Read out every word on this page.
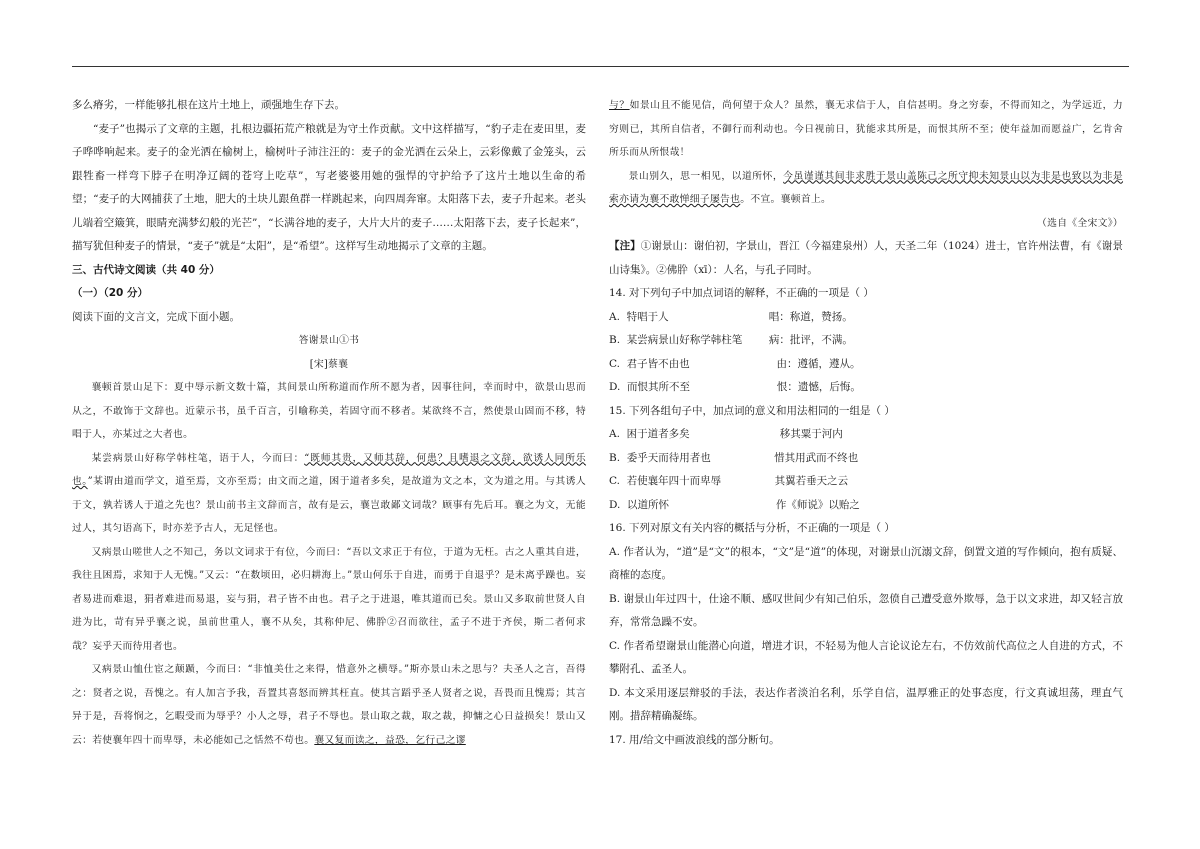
多么瘠劣，一样能够扎根在这片土地上，顽强地生存下去。

“麦子”也揭示了文章的主题，扎根边疆拓荒产粮就是为守土作贡献。文中这样描写，“豹子走在麦田里，麦子哗哗响起来。麦子的金光洒在榆树上，榆树叶子沛注汪的：麦子的金光洒在云朵上，云彩像戴了金笼头，云跟牲畜一样弯下脖子在明净辽阔的苍穹上吃草”，写老婆婆用她的强悍的守护给予了这片土地以生命的希望；“麦子的大网捕获了土地，肥大的土块儿跟鱼群一样跳起来，向四周奔窜。太阳落下去，麦子升起来。老头儿端着空簸箕，眼睛充满梦幻般的光芒”，“长满谷地的麦子，大片大片的麦子……太阳落下去，麦子长起来”，描写犹但种麦子的情景，“麦子”就是“太阳”，是“希望”。这样写生动地揭示了文章的主题。

三、古代诗文阅读（共 40 分）

（一）（20 分）

阅读下面的文言文，完成下面小题。

答谢景山①书

[宋]蔡襄

襄顿首景山足下：夏中辱示新文数十篇，其间景山所称道而作所不愿为者，因事往问，幸而时中，欲景山思而从之，不敢饰于文辞也。近蒙示书，虽千百言，引喻称美，若固守而不移者。某欲终不言，然使景山固而不移，特唱于人，亦某过之大者也。

某尝病景山好称学韩柱笔，语于人，今而曰：“既师其贵，又师其辞，何患？且嗜退之文辞，欲诱人同所乐也。”某谓由道而学文，道至焉，文亦至焉；由文而之道，困于道者多矣，是故道为文之本，文为道之用。与其诱人于文，孰若诱人于道之先也？景山前书主文辞而言，故有是云，襄岂敢鄙文词哉？顾事有先后耳。襄之为文，无能过人，其匀语高下，时亦差予古人，无足怪也。

又病景山嗟世人之不知己，务以文词求于有位，今而曰：“吾以文求正于有位，于道为无枉。古之人重其自进，我往且困焉，求知于人无愧。”又云：“在数顷田，必归耕海上。”景山何乐于自进，而勇于自退乎？是未离乎躁也。妄者易进而难退，狷者难进而易退，妄与狷，君子皆不由也。君子之于进退，唯其道而已矣。景山又多取前世贤人自进为比，苛有异乎襄之说，虽前世重人，襄不从矣，其称仲尼、佛肸②召而欲往，孟子不进于齐侯，斯二者何求哉？妄乎天而待用者也。

又病景山恤仕宦之颠踬，今而曰：“非恤美仕之来得，惜意外之横辱。”斯亦景山未之思与？夫圣人之言，吾得之：贤者之说，吾愧之。有人加言予我，吾置其喜怒而辨其枉直。使其言蹈乎圣人贤者之说，吾畏而且愧焉；其言异于是，吾将悯之，乞暇受而为辱乎？小人之辱，君子不辱也。景山取之裁，取之裁，抑慵之心日益损矣！景山又云：若使襄年四十而卑辱，未必能如己之恬然不苟也。襄又复而读之，益恐，乞行己之谬

与？如景山且不能见信，尚何望于众人？虽然，襄无求信于人，自信甚明。身之穷泰，不得而知之，为学远近，力穷则已，其所自信者，不御行而利动也。今日视前日，犹能求其所是，而恨其所不至；使年益加而愿益广，乞肯舍所乐而从所恨哉！

景山别久，思一相见，以道所怀，今虽谨谨其间非求胜于景山盖陈己之所守抑未知景山以为非是也致以为非是索亦请为襄不敢惮细子屡告也。不宣。襄顿首上。

（选自《全宋文》）

【注】①谢景山：谢伯初，字景山，晋江（今福建泉州）人，天圣二年（1024）进士，官许州法曹，有《谢景山诗集》。②佛肸（xī）：人名，与孔子同时。

14. 对下列句子中加点词语的解释，不正确的一项是（ ）

A.  特唱于人                              唱：称道，赞扬。

B.  某尝病景山好称学韩柱笔        病：批评，不满。

C.  君子皆不由也                          由：遵循，遵从。

D.  而恨其所不至                          恨：遗憾，后悔。

15. 下列各组句子中，加点词的意义和用法相同的一组是（ ）

A.  困于道者多矣                           移其粟于河内

B.  委乎天而待用者也                   惜其用武而不终也

C.  若使襄年四十而卑辱                其翼若垂天之云

D.  以道所怀                                作《师说》以贻之

16. 下列对原文有关内容的概括与分析，不正确的一项是（ ）

A. 作者认为，“道”是“文”的根本，“文”是“道”的体现，对谢景山沉溺文辞，倒置文道的写作倾向，抱有质疑、商榷的态度。

B. 谢景山年过四十，仕途不顺、感叹世间少有知己伯乐，忽偾自己遭受意外欺辱，急于以文求进，却又轻言放弃，常常急躁不安。

C. 作者希望谢景山能潜心向道，增进才识，不轻易为他人言论议论左右，不仿效前代高位之人自进的方式，不攀附孔、孟圣人。

D. 本文采用逐层辩驳的手法，表达作者淡泊名利，乐学自信，温厚雅正的处事态度，行文真诚坦荡，理直气刚。措辞精确凝练。

17. 用/给文中画波浪线的部分断句。
